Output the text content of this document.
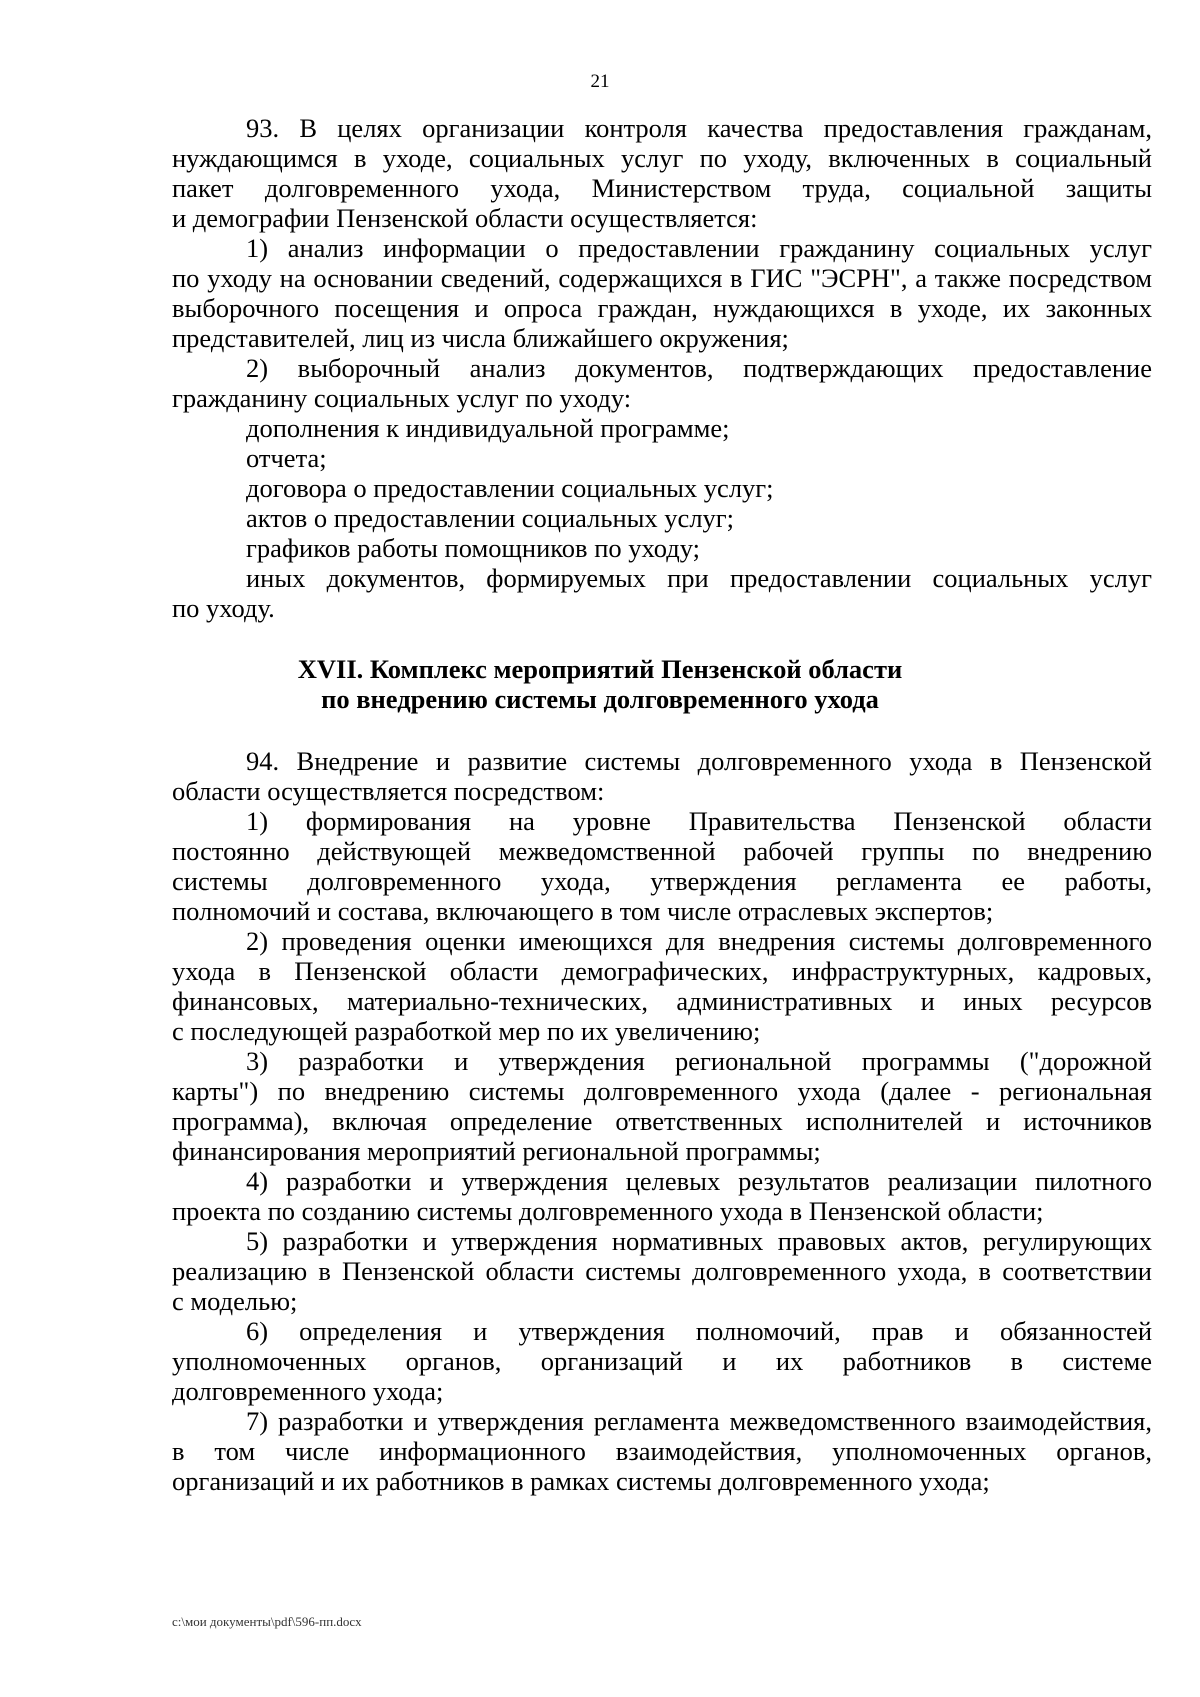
21
93. В целях организации контроля качества предоставления гражданам,
нуждающимся в уходе, социальных услуг по уходу, включенных в социальный
пакет долговременного ухода, Министерством труда, социальной защиты
и демографии Пензенской области осуществляется:
1) анализ информации о предоставлении гражданину социальных услуг
по уходу на основании сведений, содержащихся в ГИС "ЭСРН", а также посредством
выборочного посещения и опроса граждан, нуждающихся в уходе, их законных
представителей, лиц из числа ближайшего окружения;
2) выборочный анализ документов, подтверждающих предоставление
гражданину социальных услуг по уходу:
дополнения к индивидуальной программе;
отчета;
договора о предоставлении социальных услуг;
актов о предоставлении социальных услуг;
графиков работы помощников по уходу;
иных документов, формируемых при предоставлении социальных услуг
по уходу.
XVII. Комплекс мероприятий Пензенской области
по внедрению системы долговременного ухода
94. Внедрение и развитие системы долговременного ухода в Пензенской
области осуществляется посредством:
1) формирования на уровне Правительства Пензенской области
постоянно действующей межведомственной рабочей группы по внедрению
системы долговременного ухода, утверждения регламента ее работы,
полномочий и состава, включающего в том числе отраслевых экспертов;
2) проведения оценки имеющихся для внедрения системы долговременного
ухода в Пензенской области демографических, инфраструктурных, кадровых,
финансовых, материально-технических, административных и иных ресурсов
с последующей разработкой мер по их увеличению;
3) разработки и утверждения региональной программы ("дорожной
карты") по внедрению системы долговременного ухода (далее - региональная
программа), включая определение ответственных исполнителей и источников
финансирования мероприятий региональной программы;
4) разработки и утверждения целевых результатов реализации пилотного
проекта по созданию системы долговременного ухода в Пензенской области;
5) разработки и утверждения нормативных правовых актов, регулирующих
реализацию в Пензенской области системы долговременного ухода, в соответствии
с моделью;
6) определения и утверждения полномочий, прав и обязанностей
уполномоченных органов, организаций и их работников в системе
долговременного ухода;
7) разработки и утверждения регламента межведомственного взаимодействия,
в том числе информационного взаимодействия, уполномоченных органов,
организаций и их работников в рамках системы долговременного ухода;
c:\мои документы\pdf\596-пп.docx
